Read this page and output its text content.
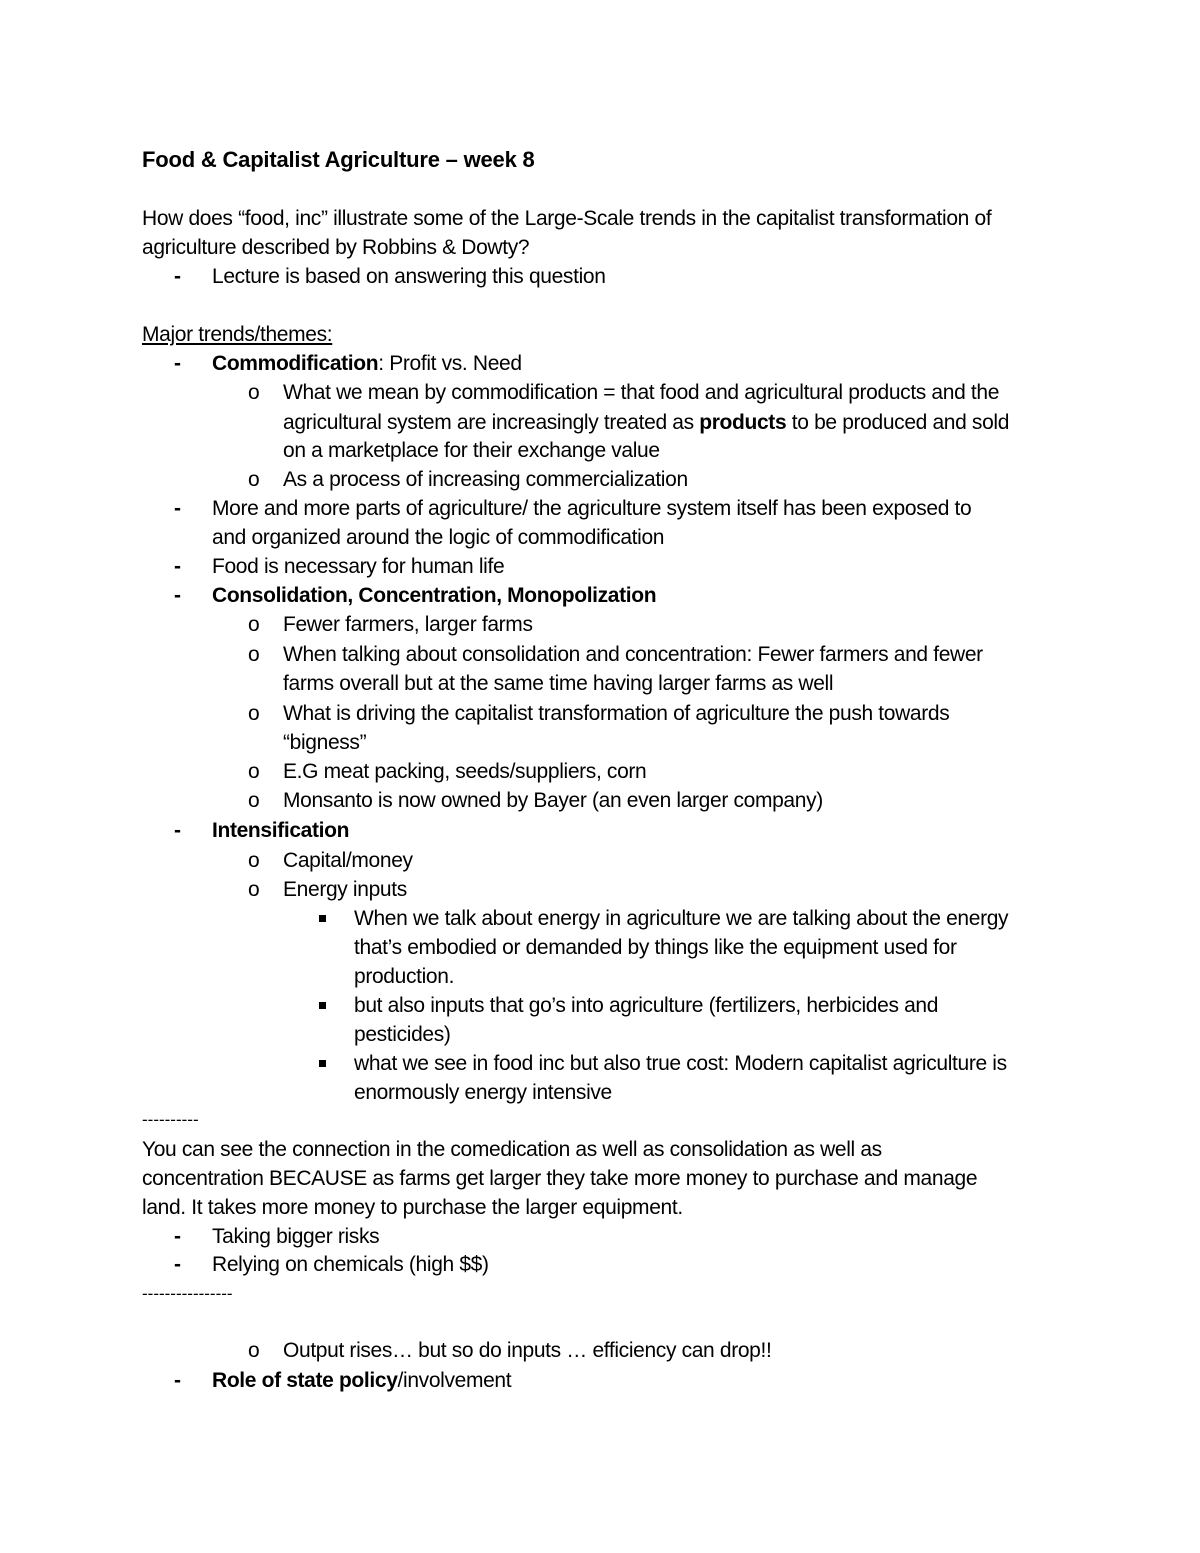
Food & Capitalist Agriculture – week 8
How does “food, inc” illustrate some of the Large-Scale trends in the capitalist transformation of
agriculture described by Robbins & Dowty?
- Lecture is based on answering this question
Major trends/themes:
- Commodification: Profit vs. Need
o What we mean by commodification = that food and agricultural products and the
agricultural system are increasingly treated as products to be produced and sold
on a marketplace for their exchange value
o As a process of increasing commercialization
- More and more parts of agriculture/ the agriculture system itself has been exposed to
and organized around the logic of commodification
- Food is necessary for human life
- Consolidation, Concentration, Monopolization
o Fewer farmers, larger farms
o When talking about consolidation and concentration: Fewer farmers and fewer
farms overall but at the same time having larger farms as well
o What is driving the capitalist transformation of agriculture the push towards
“bigness”
o E.G meat packing, seeds/suppliers, corn
o Monsanto is now owned by Bayer (an even larger company)
- Intensification
o Capital/money
o Energy inputs
When we talk about energy in agriculture we are talking about the energy
that’s embodied or demanded by things like the equipment used for
production.
but also inputs that go’s into agriculture (fertilizers, herbicides and
pesticides)
what we see in food inc but also true cost: Modern capitalist agriculture is
enormously energy intensive
----------
You can see the connection in the comedication as well as consolidation as well as
concentration BECAUSE as farms get larger they take more money to purchase and manage
land. It takes more money to purchase the larger equipment.
- Taking bigger risks
- Relying on chemicals (high $$)
----------------
o Output rises… but so do inputs … efficiency can drop!!
- Role of state policy/involvement
